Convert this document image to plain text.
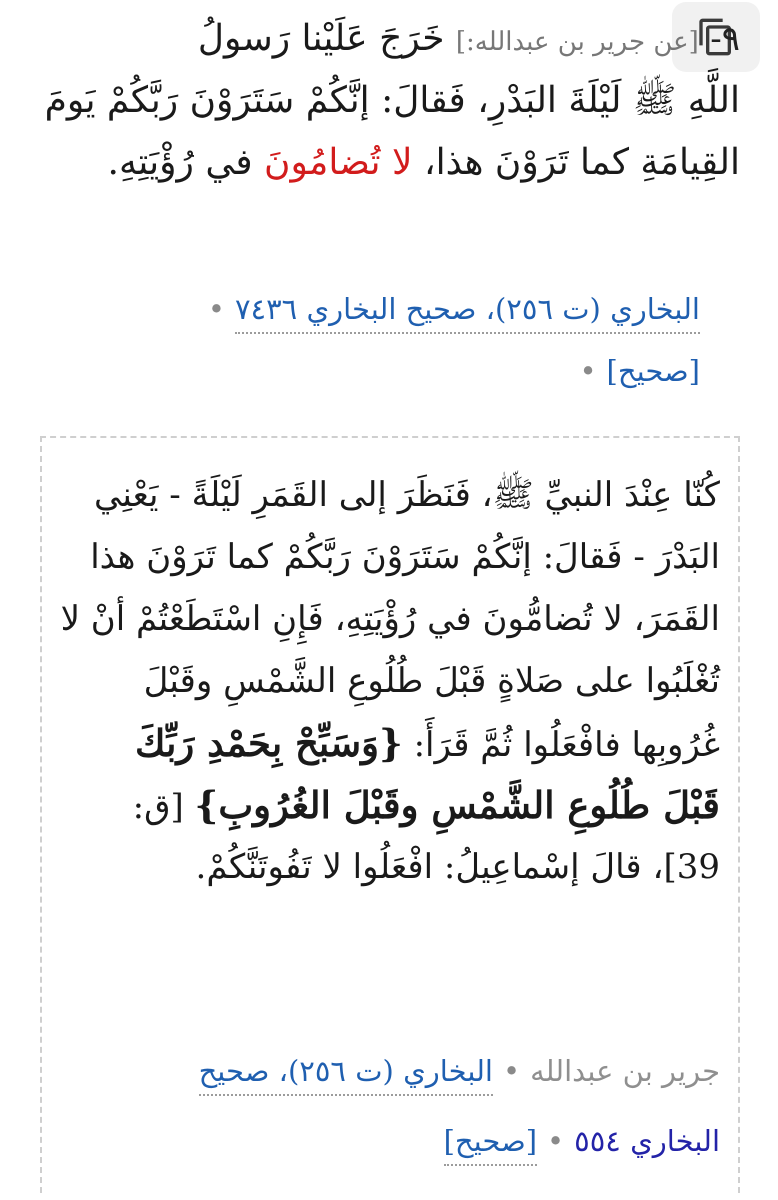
٩- [عن جرير بن عبدالله:] خَرَجَ عَلَيْنا رَسولُ
اللَّهِ ﷺ لَيْلَةَ البَدْرِ، فَقالَ: إنَّكُمْ سَتَرَوْنَ رَبَّكُمْ يَومَ
القِيامَةِ كما تَرَوْنَ هذا، لا تُضامُونَ في رُؤْيَتِهِ.
البخاري (ت ٢٥٦)، صحيح البخاري ٧٤٣٦•
[صحيح]•
كُنّا عِنْدَ النبيِّ ﷺ، فَنَظَرَ إلى القَمَرِ لَيْلَةً - يَعْنِي
البَدْرَ - فَقالَ: إنَّكُمْ سَتَرَوْنَ رَبَّكُمْ كما تَرَوْنَ هذا
القَمَرَ، لا تُضامُّونَ في رُؤْيَتِهِ، فَإِنِ اسْتَطَعْتُمْ أنْ لا
تُغْلَبُوا على صَلاةٍ قَبْلَ طُلُوعِ الشَّمْسِ وقَبْلَ
غُرُوبِها فافْعَلُوا ثُمَّ قَرَأَ: {وَسَبِّحْ بِحَمْدِ رَبِّكَ
قَبْلَ طُلُوعِ الشَّمْسِ وقَبْلَ الغُرُوبِ} [ق:
39]، قالَ إسْماعِيلُ: افْعَلُوا لا تَفُوتَنَّكُمْ.
جرير بن عبدالله•البخاري (ت ٢٥٦)، صحيح
البخاري ٥٥٤•[صحيح]
